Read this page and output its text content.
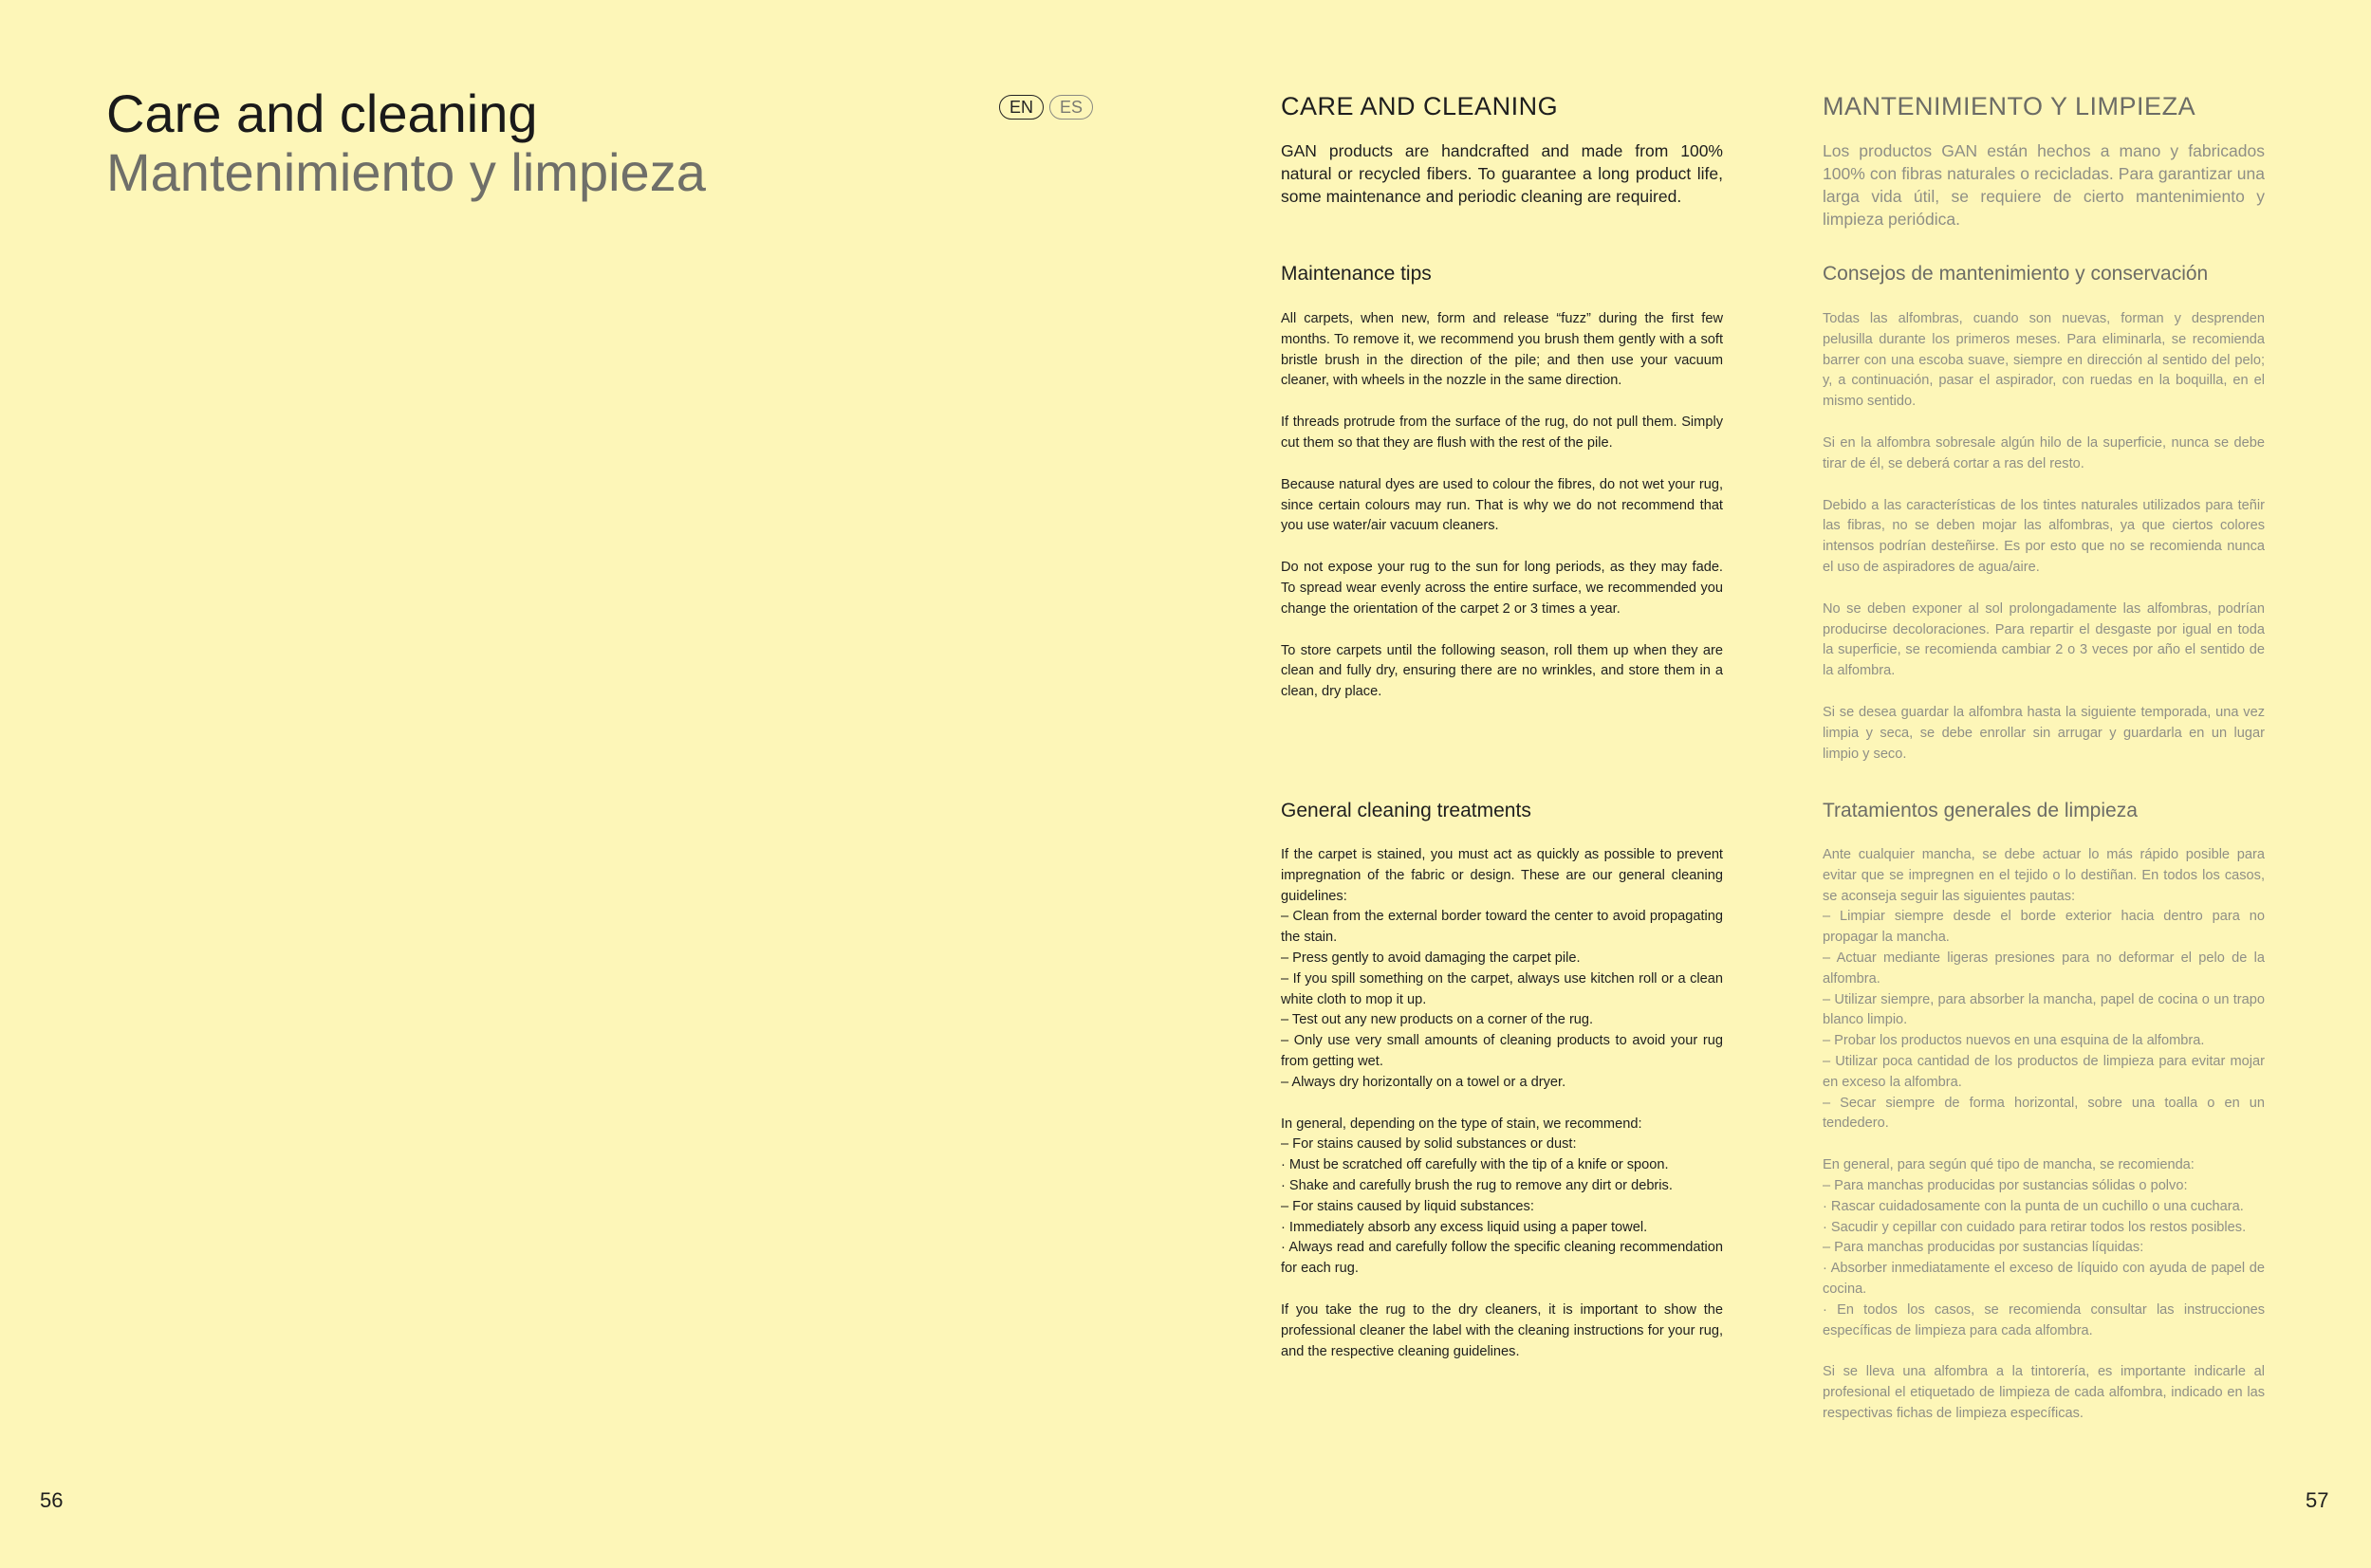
Care and cleaning
Mantenimiento y limpieza
EN	ES
56
CARE AND CLEANING
GAN products are handcrafted and made from 100% natural or recycled fibers. To guarantee a long product life, some maintenance and periodic cleaning are required.
Maintenance tips

All carpets, when new, form and release “fuzz” during the first few months. To remove it, we recommend you brush them gently with a soft bristle brush in the direction of the pile; and then use your vacuum cleaner, with wheels in the nozzle in the same direction.

If threads protrude from the surface of the rug, do not pull them. Simply cut them so that they are flush with the rest of the pile.

Because natural dyes are used to colour the fibres, do not wet your rug, since certain colours may run. That is why we do not recommend that you use water/air vacuum cleaners.

Do not expose your rug to the sun for long periods, as they may fade. To spread wear evenly across the entire surface, we recommended you change the orientation of the carpet 2 or 3 times a year.

To store carpets until the following season, roll them up when they are clean and fully dry, ensuring there are no wrinkles, and store them in a clean, dry place.

General cleaning treatments

If the carpet is stained, you must act as quickly as possible to prevent impregnation of the fabric or design. These are our general cleaning guidelines:
– Clean from the external border toward the center to avoid propagating the stain.
– Press gently to avoid damaging the carpet pile.
– If you spill something on the carpet, always use kitchen roll or a clean white cloth to mop it up.
– Test out any new products on a corner of the rug.
– Only use very small amounts of cleaning products to avoid your rug from getting wet.
– Always dry horizontally on a towel or a dryer.

In general, depending on the type of stain, we recommend:
– For stains caused by solid substances or dust:
· Must be scratched off carefully with the tip of a knife or spoon.
· Shake and carefully brush the rug to remove any dirt or debris.
– For stains caused by liquid substances:
· Immediately absorb any excess liquid using a paper towel.
· Always read and carefully follow the specific cleaning recommendation for each rug.

If you take the rug to the dry cleaners, it is important to show the professional cleaner the label with the cleaning instructions for your rug, and the respective cleaning guidelines.

MANTENIMIENTO Y LIMPIEZA
Los productos GAN están hechos a mano y fabricados 100% con fibras naturales o recicladas. Para garantizar una larga vida útil, se requiere de cierto mantenimiento y limpieza periódica.
Consejos de mantenimiento y conservación

Todas las alfombras, cuando son nuevas, forman y desprenden pelusilla durante los primeros meses. Para eliminarla, se recomienda barrer con una escoba suave, siempre en dirección al sentido del pelo; y, a continuación, pasar el aspirador, con ruedas en la boquilla, en el mismo sentido.

Si en la alfombra sobresale algún hilo de la superficie, nunca se debe tirar de él, se deberá cortar a ras del resto.

Debido a las características de los tintes naturales utilizados para teñir las fibras, no se deben mojar las alfombras, ya que ciertos colores intensos podrían desteñirse. Es por esto que no se recomienda nunca el uso de aspiradores de agua/aire.

No se deben exponer al sol prolongadamente las alfombras, podrían producirse decoloraciones. Para repartir el desgaste por igual en toda la superficie, se recomienda cambiar 2 o 3 veces por año el sentido de la alfombra.

Si se desea guardar la alfombra hasta la siguiente temporada, una vez limpia y seca, se debe enrollar sin arrugar y guardarla en un lugar limpio y seco.

Tratamientos generales de limpieza

Ante cualquier mancha, se debe actuar lo más rápido posible para evitar que se impregnen en el tejido o lo destiñan. En todos los casos, se aconseja seguir las siguientes pautas:
– Limpiar siempre desde el borde exterior hacia dentro para no propagar la mancha.
– Actuar mediante ligeras presiones para no deformar el pelo de la alfombra.
– Utilizar siempre, para absorber la mancha, papel de cocina o un trapo blanco limpio.
– Probar los productos nuevos en una esquina de la alfombra.
– Utilizar poca cantidad de los productos de limpieza para evitar mojar en exceso la alfombra.
– Secar siempre de forma horizontal, sobre una toalla o en un tendedero.

En general, para según qué tipo de mancha, se recomienda:
– Para manchas producidas por sustancias sólidas o polvo:
· Rascar cuidadosamente con la punta de un cuchillo o una cuchara.
· Sacudir y cepillar con cuidado para retirar todos los restos posibles.
– Para manchas producidas por sustancias líquidas:
· Absorber inmediatamente el exceso de líquido con ayuda de papel de cocina.
· En todos los casos, se recomienda consultar las instrucciones específicas de limpieza para cada alfombra.

Si se lleva una alfombra a la tintorería, es importante indicarle al profesional el etiquetado de limpieza de cada alfombra, indicado en las respectivas fichas de limpieza específicas.

57
